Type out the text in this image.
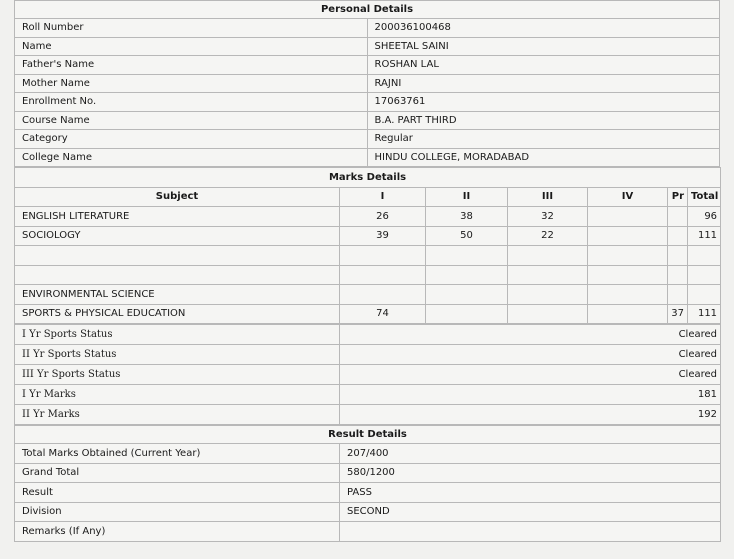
Personal Details	
Roll Number	200036100468
Name	SHEETAL SAINI
Father's Name	ROSHAN LAL
Mother Name	RAJNI
Enrollment No.	17063761
Course Name	B.A. PART THIRD
Category	Regular
College Name	HINDU COLLEGE, MORADABAD
Marks Details						
Subject	I	II	III	IV	Pr	Total
ENGLISH LITERATURE	26	38	32			96
SOCIOLOGY	39	50	22			111

ENVIRONMENTAL SCIENCE						
SPORTS & PHYSICAL EDUCATION	74				37	111
I Yr Sports Status	Cleared
II Yr Sports Status	Cleared
III Yr Sports Status	Cleared
I Yr Marks	181
II Yr Marks	192
Result Details	
Total Marks Obtained (Current Year)	207/400
Grand Total	580/1200
Result	PASS
Division	SECOND
Remarks (If Any)	
